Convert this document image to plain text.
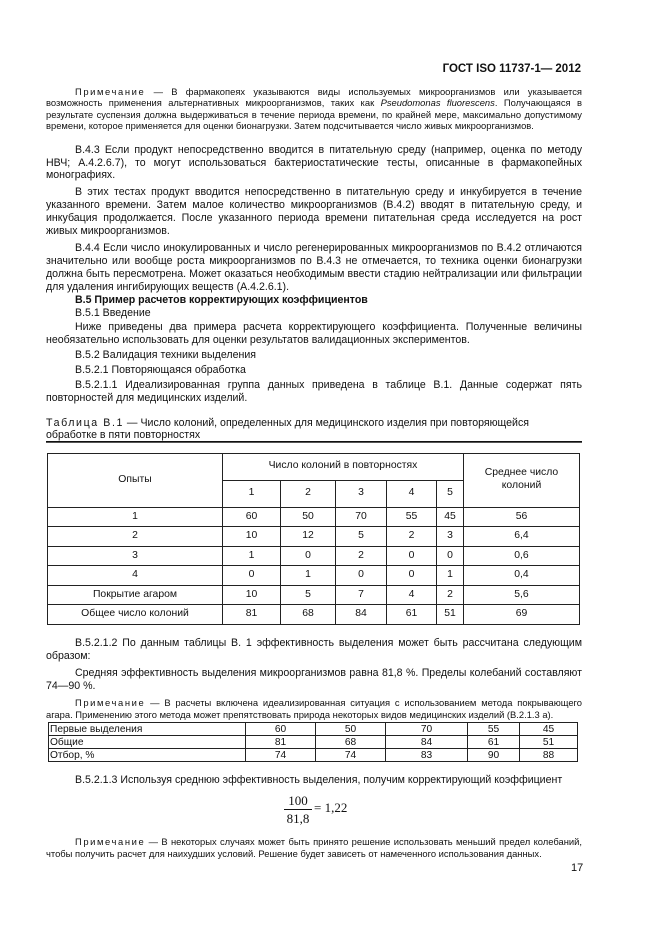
ГОСТ ISO 11737-1— 2012

Примечание — В фармакопеях указываются виды используемых микроорганизмов или указывается возможность применения альтернативных микроорганизмов, таких как Pseudomonas fluorescens. Получающаяся в результате суспензия должна выдерживаться в течение периода времени, по крайней мере, максимально допустимому времени, которое применяется для оценки бионагрузки. Затем подсчитывается число живых микроорганизмов.

В.4.3 Если продукт непосредственно вводится в питательную среду (например, оценка по методу НВЧ; А.4.2.6.7), то могут использоваться бактериостатические тесты, описанные в фармакопейных монографиях.

В этих тестах продукт вводится непосредственно в питательную среду и инкубируется в течение указанного времени. Затем малое количество микроорганизмов (В.4.2) вводят в питательную среду, и инкубация продолжается. После указанного периода времени питательная среда исследуется на рост живых микроорганизмов.

В.4.4 Если число инокулированных и число регенерированных микроорганизмов по В.4.2 отличаются значительно или вообще роста микроорганизмов по В.4.3 не отмечается, то техника оценки бионагрузки должна быть пересмотрена. Может оказаться необходимым ввести стадию нейтрализации или фильтрации для удаления ингибирующих веществ (А.4.2.6.1).

В.5 Пример расчетов корректирующих коэффициентов

В.5.1 Введение

Ниже приведены два примера расчета корректирующего коэффициента. Полученные величины необязательно использовать для оценки результатов валидационных экспериментов.

В.5.2 Валидация техники выделения

В.5.2.1 Повторяющаяся обработка

В.5.2.1.1 Идеализированная группа данных приведена в таблице В.1. Данные содержат пять повторностей для медицинских изделий.

Таблица В.1 — Число колоний, определенных для медицинского изделия при повторяющейся обработке в пяти повторностях
Опыты	Число колоний в повторностях					Среднее число колоний
	1	2	3	4	5	
1	60	50	70	55	45	56
2	10	12	5	2	3	6,4
3	1	0	2	0	0	0,6
4	0	1	0	0	1	0,4
Покрытие агаром	10	5	7	4	2	5,6
Общее число колоний	81	68	84	61	51	69

В.5.2.1.2 По данным таблицы В. 1 эффективность выделения может быть рассчитана следующим образом:

Средняя эффективность выделения микроорганизмов равна 81,8 %. Пределы колебаний составляют 74—90 %.

Примечание — В расчеты включена идеализированная ситуация с использованием метода покрывающего агара. Применению этого метода может препятствовать природа некоторых видов медицинских изделий (В.2.1.3 а).

Первые выделения	60	50	70	55	45
Общие	81	68	84	61	51
Отбор, %	74	74	83	90	88

В.5.2.1.3 Используя среднюю эффективность выделения, получим корректирующий коэффициент

$\frac{100}{81,8} = 1,22$

Примечание — В некоторых случаях может быть принято решение использовать меньший предел колебаний, чтобы получить расчет для наихудших условий. Решение будет зависеть от намеченного использования данных.

17
